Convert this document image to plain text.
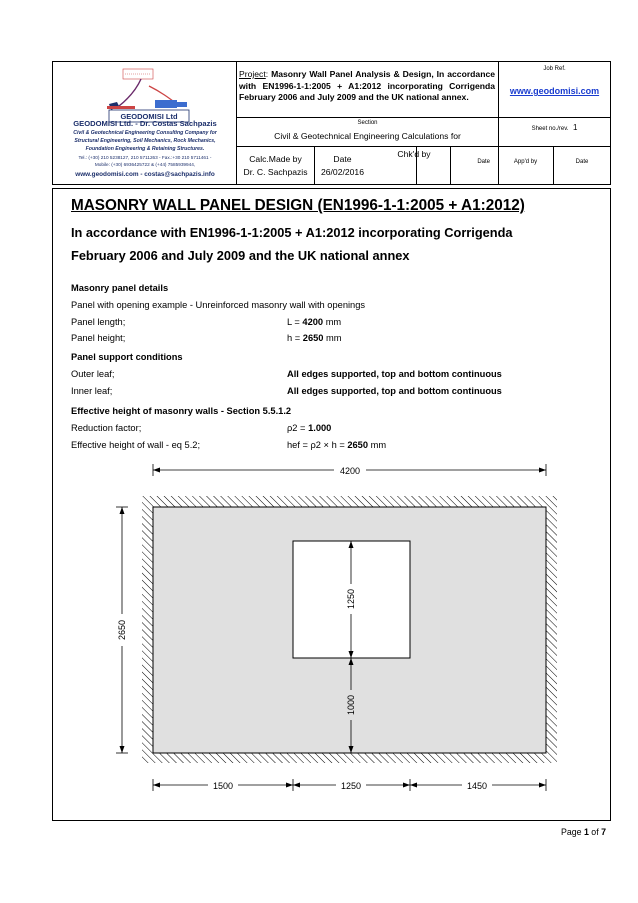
GEODOMISI Ltd
GEODOMISI Ltd. - Dr. Costas Sachpazis
Civil & Geotechnical Engineering Consulting Company for
Structural Engineering, Soil Mechanics, Rock Mechanics,
Foundation Engineering & Retaining Structures.
Tel.: (+30) 210 5238127, 210 5711263 - Fax.:+30 210 5711461 -
Mobile: (+30) 6936425722 & (+44) 7585939944,
www.geodomisi.com - costas@sachpazis.info
Project: Masonry Wall Panel Analysis & Design, In accordance with EN1996-1-1:2005 + A1:2012 incorporating Corrigenda February 2006 and July 2009 and the UK national annex.
Job Ref.
www.geodomisi.com
Section
Civil & Geotechnical Engineering Calculations for
Sheet no./rev. 1
Calc.Made by
Dr. C. Sachpazis
Date
26/02/2016
Chk'd by
Date	App'd by	Date
MASONRY WALL PANEL DESIGN (EN1996-1-1:2005 + A1:2012)
In accordance with EN1996-1-1:2005 + A1:2012 incorporating Corrigenda
February 2006 and July 2009 and the UK national annex
Masonry panel details
Panel with opening example - Unreinforced masonry wall with openings
Panel length;	L = 4200 mm
Panel height;	h = 2650 mm
Panel support conditions
Outer leaf;	All edges supported, top and bottom continuous
Inner leaf;	All edges supported, top and bottom continuous
Effective height of masonry walls - Section 5.5.1.2
Reduction factor;	ρ2 = 1.000
Effective height of wall - eq 5.2;	hef = ρ2 × h = 2650 mm
4200
2650
1250
1000
1500	1250	1450
Page 1 of 7
